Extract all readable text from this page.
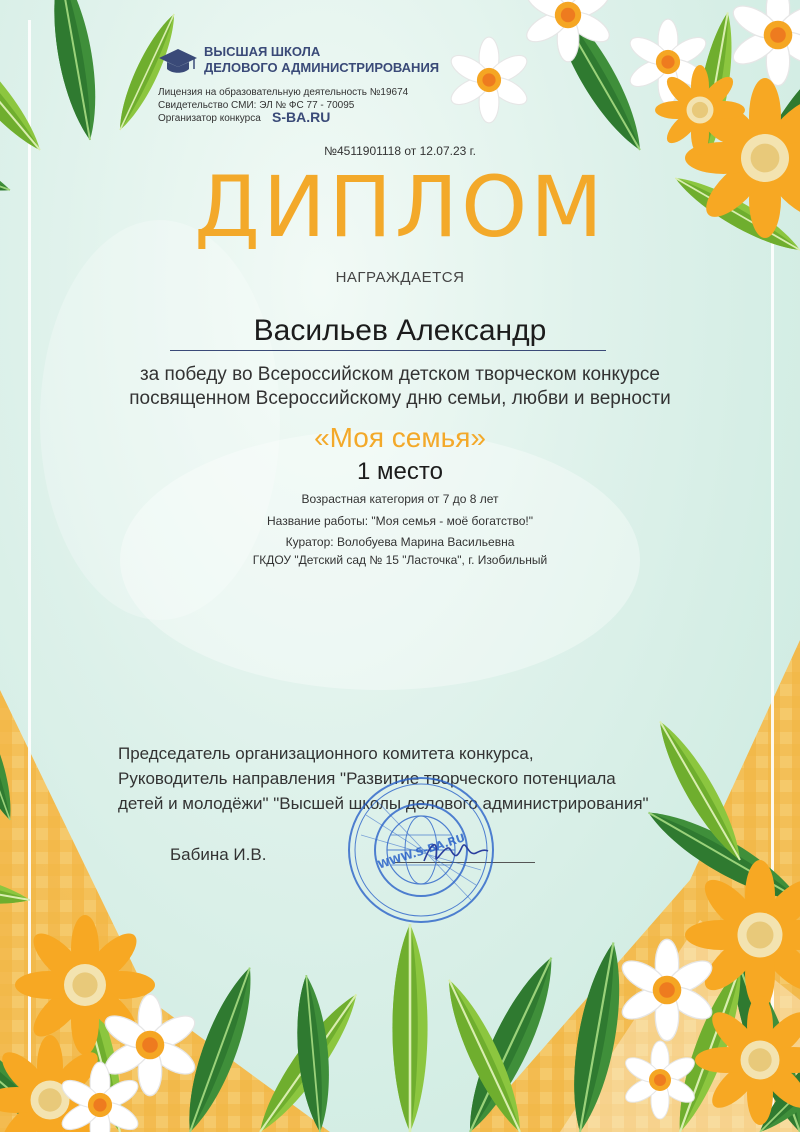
ВЫСШАЯ ШКОЛА
ДЕЛОВОГО АДМИНИСТРИРОВАНИЯ
Лицензия на образовательную деятельность №19674
Свидетельство СМИ: ЭЛ № ФС 77 - 70095
Организатор конкурса S-BA.RU
№4511901118 от 12.07.23 г.
ДИПЛОМ
НАГРАЖДАЕТСЯ
Васильев Александр
за победу во Всероссийском детском творческом конкурсе
посвященном Всероссийскому дню семьи, любви и верности
«Моя семья»
1 место
Возрастная категория от 7 до 8 лет
Название работы: "Моя семья - моё богатство!"
Куратор: Волобуева Марина Васильевна
ГКДОУ "Детский сад № 15 "Ласточка", г. Изобильный
Председатель организационного комитета конкурса,
Руководитель направления "Развитие творческого потенциала
детей и молодёжи" "Высшей школы делового администрирования"
Бабина И.В.	WWW.S-BA.RU
